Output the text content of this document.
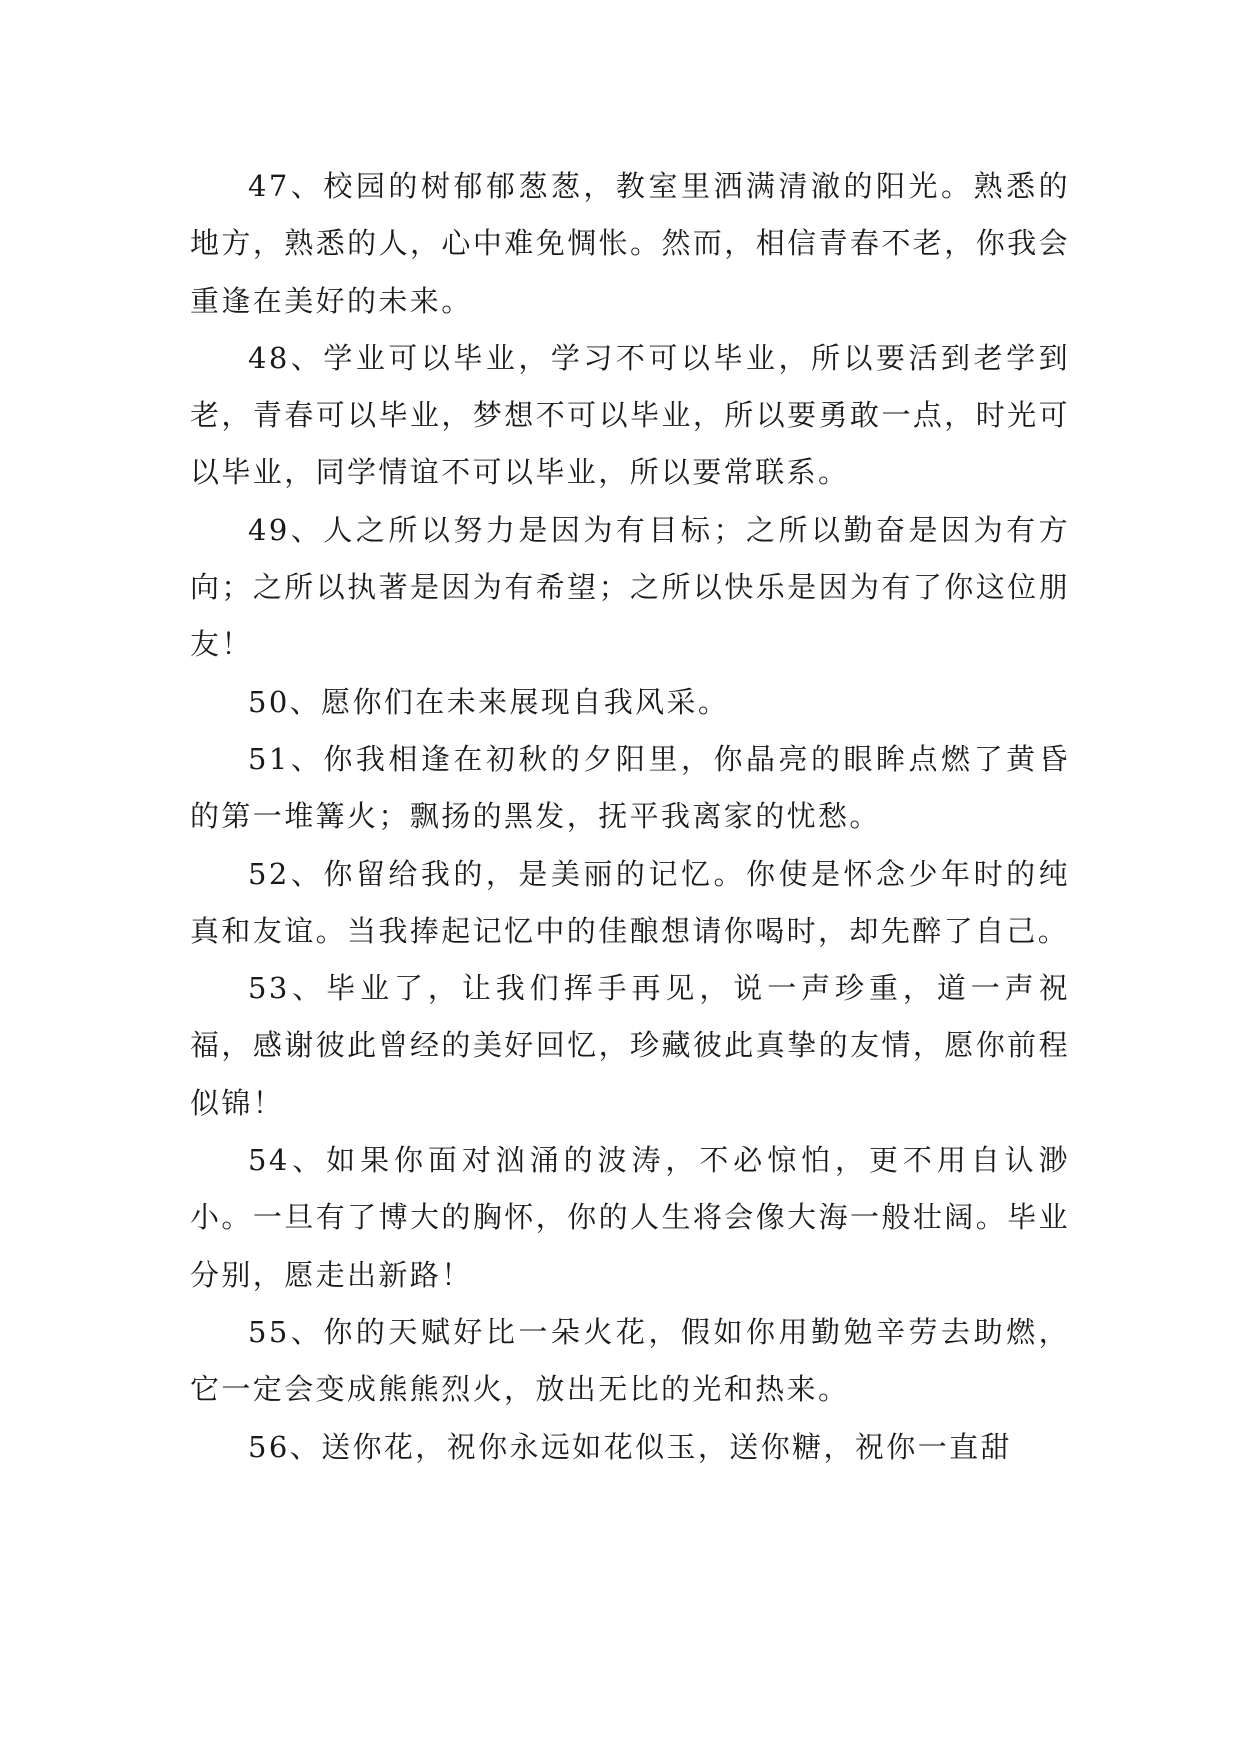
47、校园的树郁郁葱葱，教室里洒满清澈的阳光。熟悉的地方，熟悉的人，心中难免惆怅。然而，相信青春不老，你我会重逢在美好的未来。

48、学业可以毕业，学习不可以毕业，所以要活到老学到老，青春可以毕业，梦想不可以毕业，所以要勇敢一点，时光可以毕业，同学情谊不可以毕业，所以要常联系。

49、人之所以努力是因为有目标；之所以勤奋是因为有方向；之所以执著是因为有希望；之所以快乐是因为有了你这位朋友！

50、愿你们在未来展现自我风采。

51、你我相逢在初秋的夕阳里，你晶亮的眼眸点燃了黄昏的第一堆篝火；飘扬的黑发，抚平我离家的忧愁。

52、你留给我的，是美丽的记忆。你使是怀念少年时的纯真和友谊。当我捧起记忆中的佳酿想请你喝时，却先醉了自己。

53、毕业了，让我们挥手再见，说一声珍重，道一声祝福，感谢彼此曾经的美好回忆，珍藏彼此真挚的友情，愿你前程似锦！

54、如果你面对汹涌的波涛，不必惊怕，更不用自认渺小。一旦有了博大的胸怀，你的人生将会像大海一般壮阔。毕业分别，愿走出新路！

55、你的天赋好比一朵火花，假如你用勤勉辛劳去助燃，它一定会变成熊熊烈火，放出无比的光和热来。

56、送你花，祝你永远如花似玉，送你糖，祝你一直甜
